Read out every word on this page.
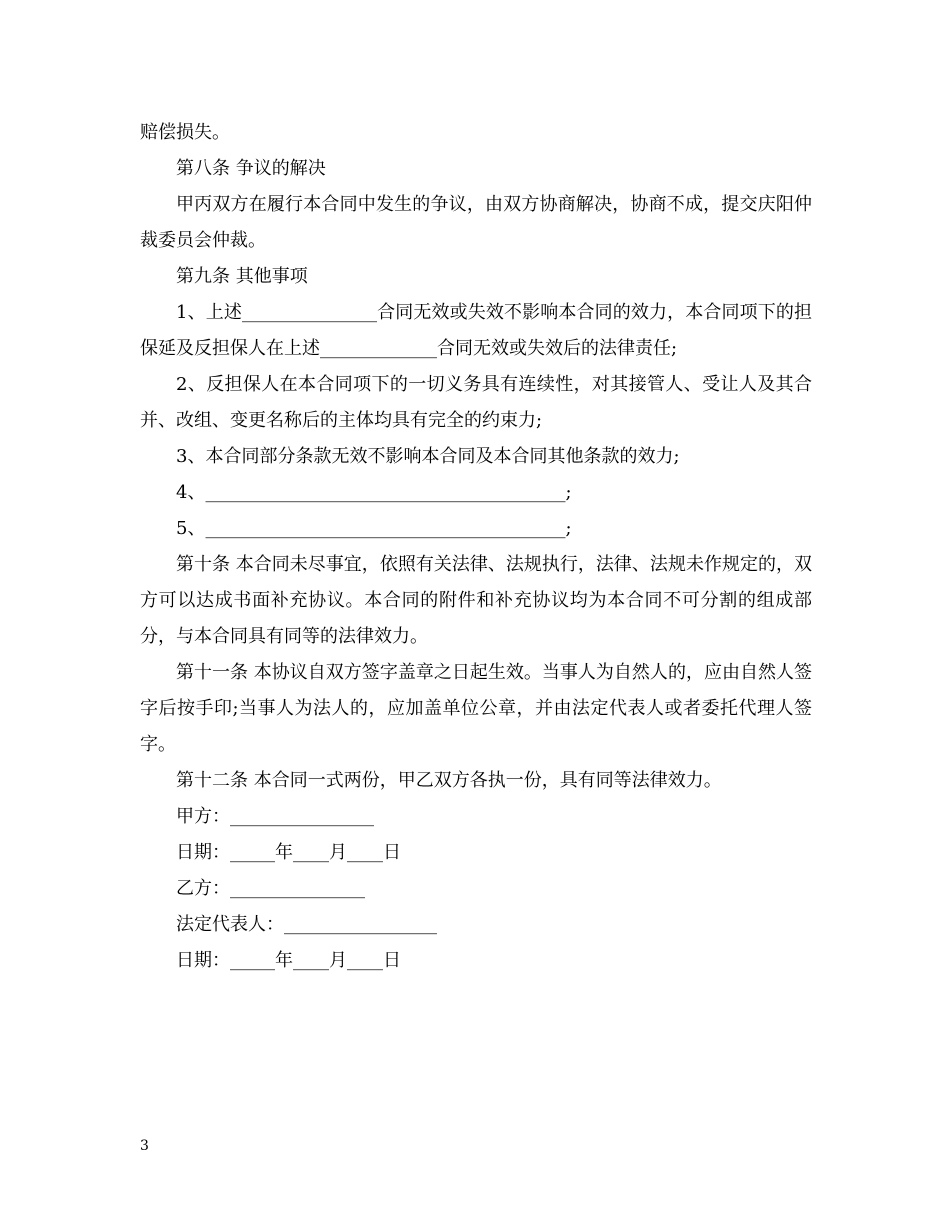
赔偿损失。

第八条 争议的解决

甲丙双方在履行本合同中发生的争议，由双方协商解决，协商不成，提交庆阳仲裁委员会仲裁。

第九条 其他事项

1、上述_______________合同无效或失效不影响本合同的效力，本合同项下的担保延及反担保人在上述_____________合同无效或失效后的法律责任;

2、反担保人在本合同项下的一切义务具有连续性，对其接管人、受让人及其合并、改组、变更名称后的主体均具有完全的约束力;

3、本合同部分条款无效不影响本合同及本合同其他条款的效力;

4、________________________________________;

5、________________________________________;

第十条 本合同未尽事宜，依照有关法律、法规执行，法律、法规未作规定的，双方可以达成书面补充协议。本合同的附件和补充协议均为本合同不可分割的组成部分，与本合同具有同等的法律效力。

第十一条 本协议自双方签字盖章之日起生效。当事人为自然人的，应由自然人签字后按手印;当事人为法人的，应加盖单位公章，并由法定代表人或者委托代理人签字。

第十二条 本合同一式两份，甲乙双方各执一份，具有同等法律效力。

甲方：________________

日期：_____年____月____日

乙方：_______________

法定代表人：_________________

日期：_____年____月____日

3
